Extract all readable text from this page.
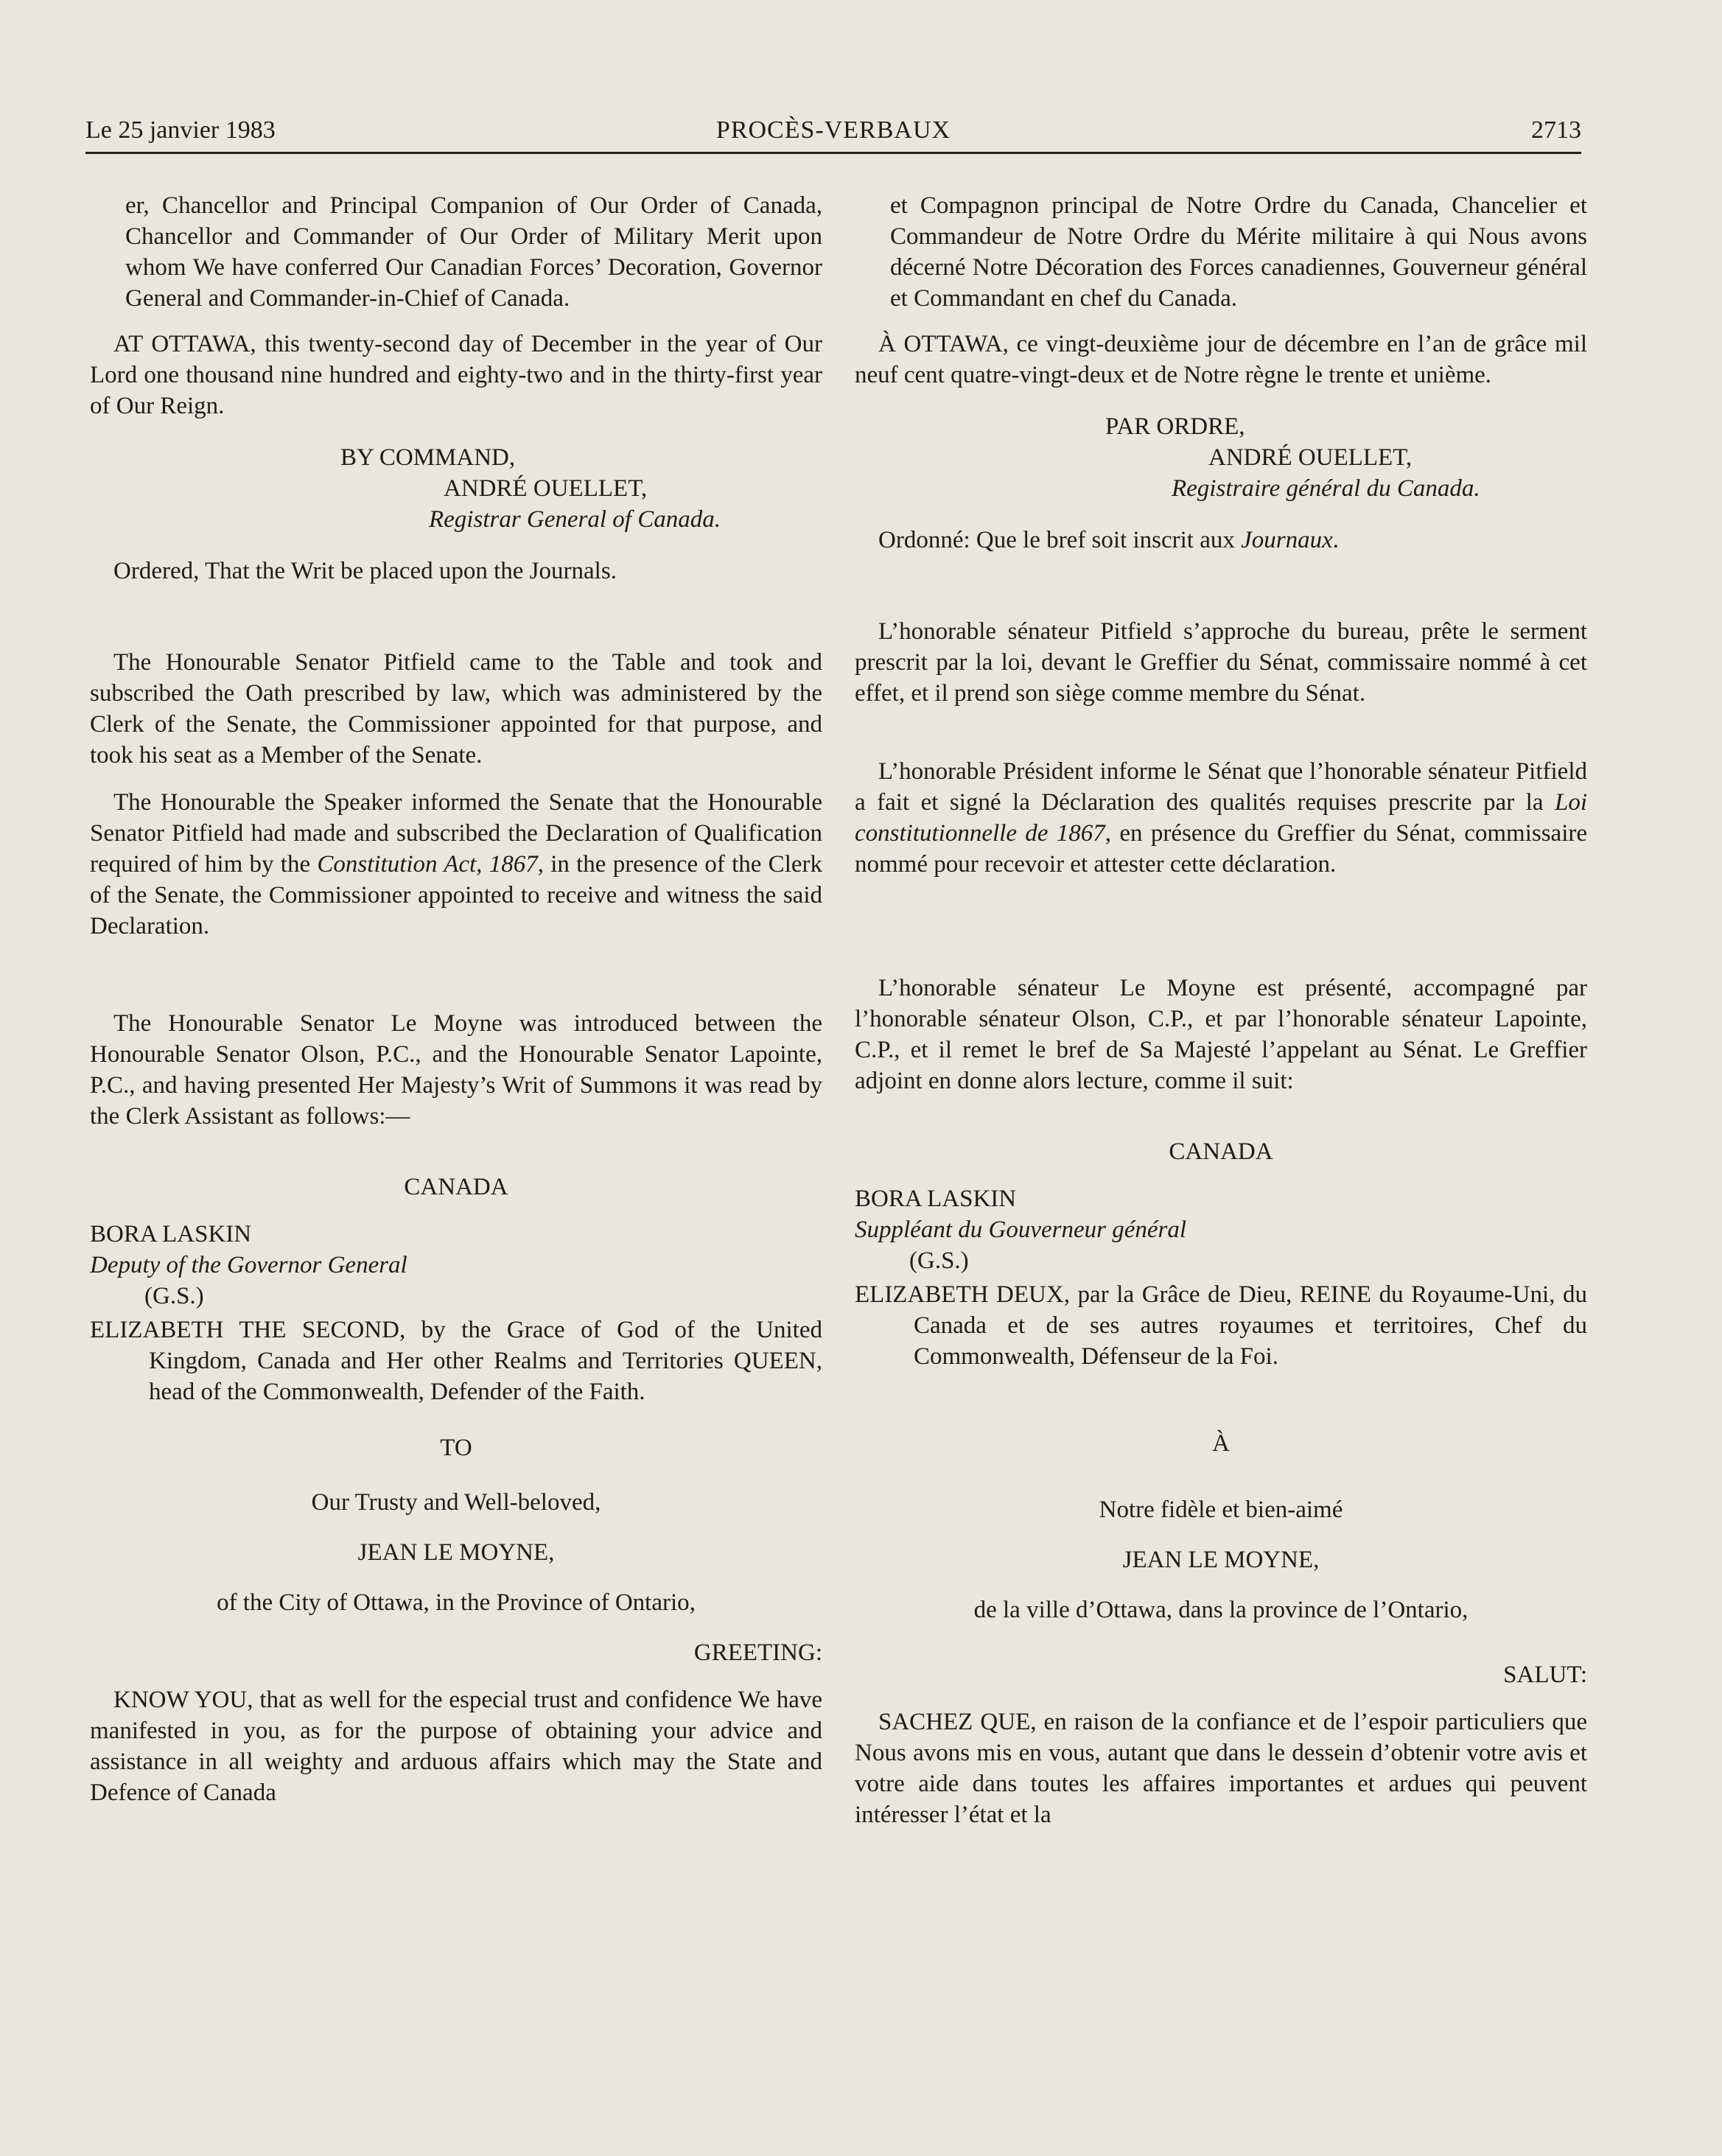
Le 25 janvier 1983	PROCÈS-VERBAUX	2713

er, Chancellor and Principal Companion of Our Order of Canada, Chancellor and Commander of Our Order of Military Merit upon whom We have conferred Our Canadian Forces’ Decoration, Governor General and Commander-in-Chief of Canada.

AT OTTAWA, this twenty-second day of December in the year of Our Lord one thousand nine hundred and eighty-two and in the thirty-first year of Our Reign.

BY COMMAND,

ANDRÉ OUELLET,

Registrar General of Canada.

Ordered, That the Writ be placed upon the Journals.

The Honourable Senator Pitfield came to the Table and took and subscribed the Oath prescribed by law, which was administered by the Clerk of the Senate, the Commissioner appointed for that purpose, and took his seat as a Member of the Senate.

The Honourable the Speaker informed the Senate that the Honourable Senator Pitfield had made and subscribed the Declaration of Qualification required of him by the Constitution Act, 1867, in the presence of the Clerk of the Senate, the Commissioner appointed to receive and witness the said Declaration.

The Honourable Senator Le Moyne was introduced between the Honourable Senator Olson, P.C., and the Honourable Senator Lapointe, P.C., and having presented Her Majesty’s Writ of Summons it was read by the Clerk Assistant as follows:—

CANADA

BORA LASKIN

Deputy of the Governor General

(G.S.)

ELIZABETH THE SECOND, by the Grace of God of the United Kingdom, Canada and Her other Realms and Territories QUEEN, head of the Commonwealth, Defender of the Faith.

TO

Our Trusty and Well-beloved,

JEAN LE MOYNE,

of the City of Ottawa, in the Province of Ontario,

GREETING:

KNOW YOU, that as well for the especial trust and confidence We have manifested in you, as for the purpose of obtaining your advice and assistance in all weighty and arduous affairs which may the State and Defence of Canada

et Compagnon principal de Notre Ordre du Canada, Chancelier et Commandeur de Notre Ordre du Mérite militaire à qui Nous avons décerné Notre Décoration des Forces canadiennes, Gouverneur général et Commandant en chef du Canada.

À OTTAWA, ce vingt-deuxième jour de décembre en l’an de grâce mil neuf cent quatre-vingt-deux et de Notre règne le trente et unième.

PAR ORDRE,

ANDRÉ OUELLET,

Registraire général du Canada.

Ordonné: Que le bref soit inscrit aux Journaux.

L’honorable sénateur Pitfield s’approche du bureau, prête le serment prescrit par la loi, devant le Greffier du Sénat, commissaire nommé à cet effet, et il prend son siège comme membre du Sénat.

L’honorable Président informe le Sénat que l’honorable sénateur Pitfield a fait et signé la Déclaration des qualités requises prescrite par la Loi constitutionnelle de 1867, en présence du Greffier du Sénat, commissaire nommé pour recevoir et attester cette déclaration.

L’honorable sénateur Le Moyne est présenté, accompagné par l’honorable sénateur Olson, C.P., et par l’honorable sénateur Lapointe, C.P., et il remet le bref de Sa Majesté l’appelant au Sénat. Le Greffier adjoint en donne alors lecture, comme il suit:

CANADA

BORA LASKIN

Suppléant du Gouverneur général

(G.S.)

ELIZABETH DEUX, par la Grâce de Dieu, REINE du Royaume-Uni, du Canada et de ses autres royaumes et territoires, Chef du Commonwealth, Défenseur de la Foi.

À

Notre fidèle et bien-aimé

JEAN LE MOYNE,

de la ville d’Ottawa, dans la province de l’Ontario,

SALUT:

SACHEZ QUE, en raison de la confiance et de l’espoir particuliers que Nous avons mis en vous, autant que dans le dessein d’obtenir votre avis et votre aide dans toutes les affaires importantes et ardues qui peuvent intéresser l’état et la
